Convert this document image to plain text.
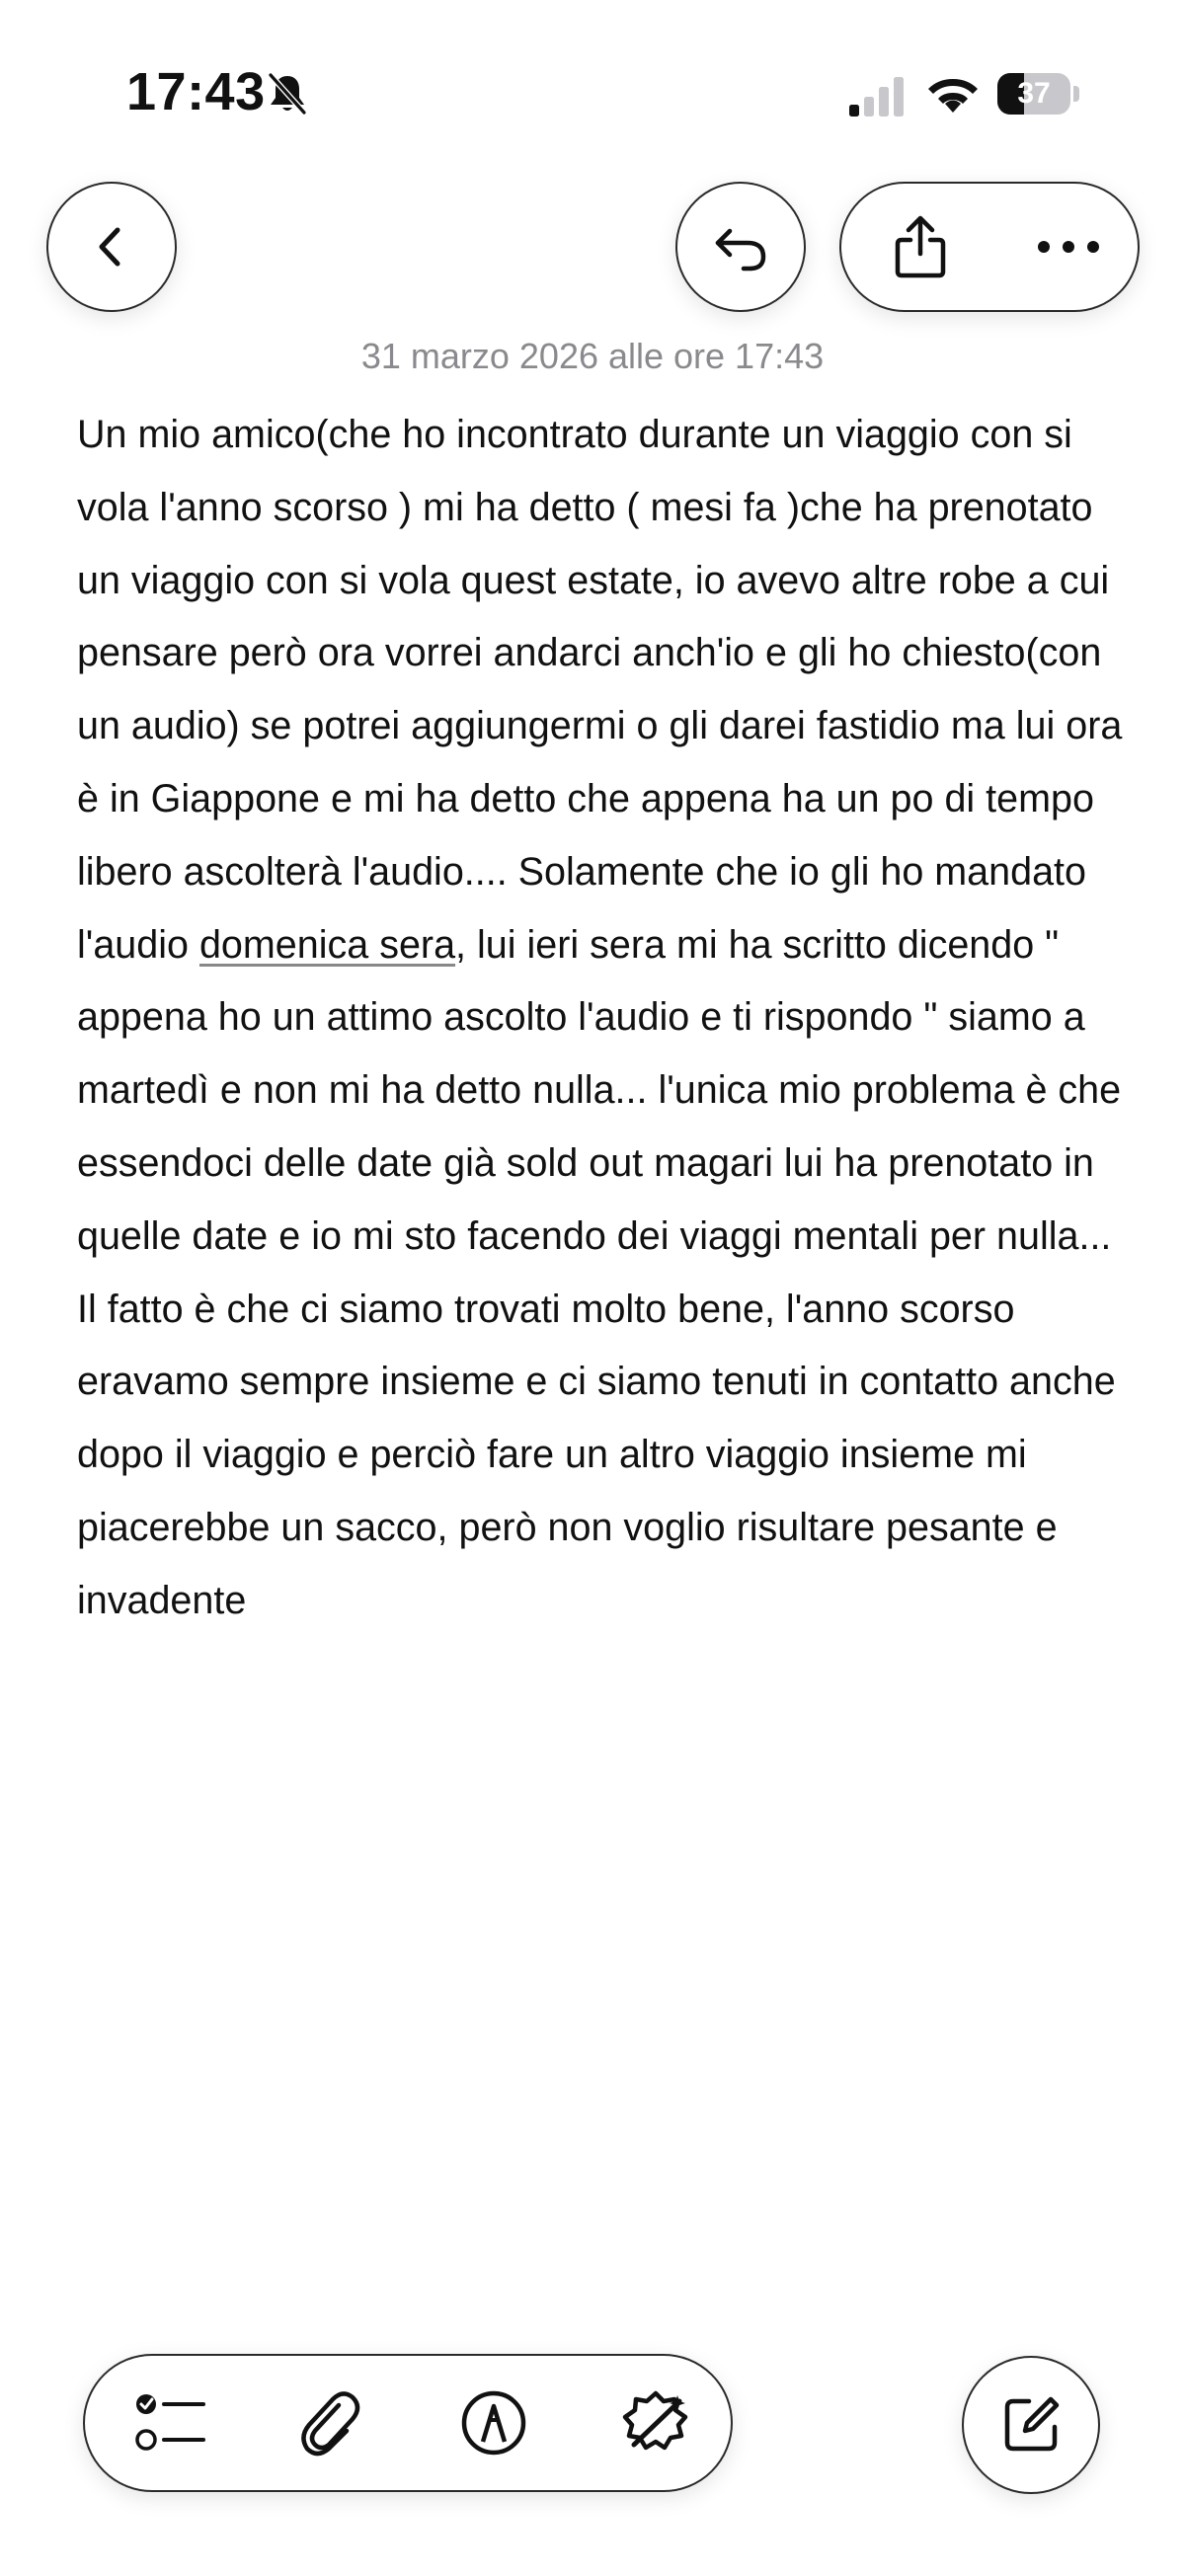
17:43	37
31 marzo 2026 alle ore 17:43
Un mio amico(che ho incontrato durante un viaggio con si vola l'anno scorso ) mi ha detto ( mesi fa )che ha prenotato un viaggio con si vola quest estate, io avevo altre robe a cui pensare però ora vorrei andarci anch'io e gli ho chiesto(con un audio) se potrei aggiungermi o gli darei fastidio ma lui ora è in Giappone e mi ha detto che appena ha un po di tempo libero ascolterà l'audio.... Solamente che io gli ho mandato l'audio domenica sera, lui ieri sera mi ha scritto dicendo " appena ho un attimo ascolto l'audio e ti rispondo " siamo a martedì e non mi ha detto nulla... l'unica mio problema è che essendoci delle date già sold out magari lui ha prenotato in quelle date e io mi sto facendo dei viaggi mentali per nulla... Il fatto è che ci siamo trovati molto bene, l'anno scorso eravamo sempre insieme e ci siamo tenuti in contatto anche dopo il viaggio e perciò fare un altro viaggio insieme mi piacerebbe un sacco, però non voglio risultare pesante e invadente
